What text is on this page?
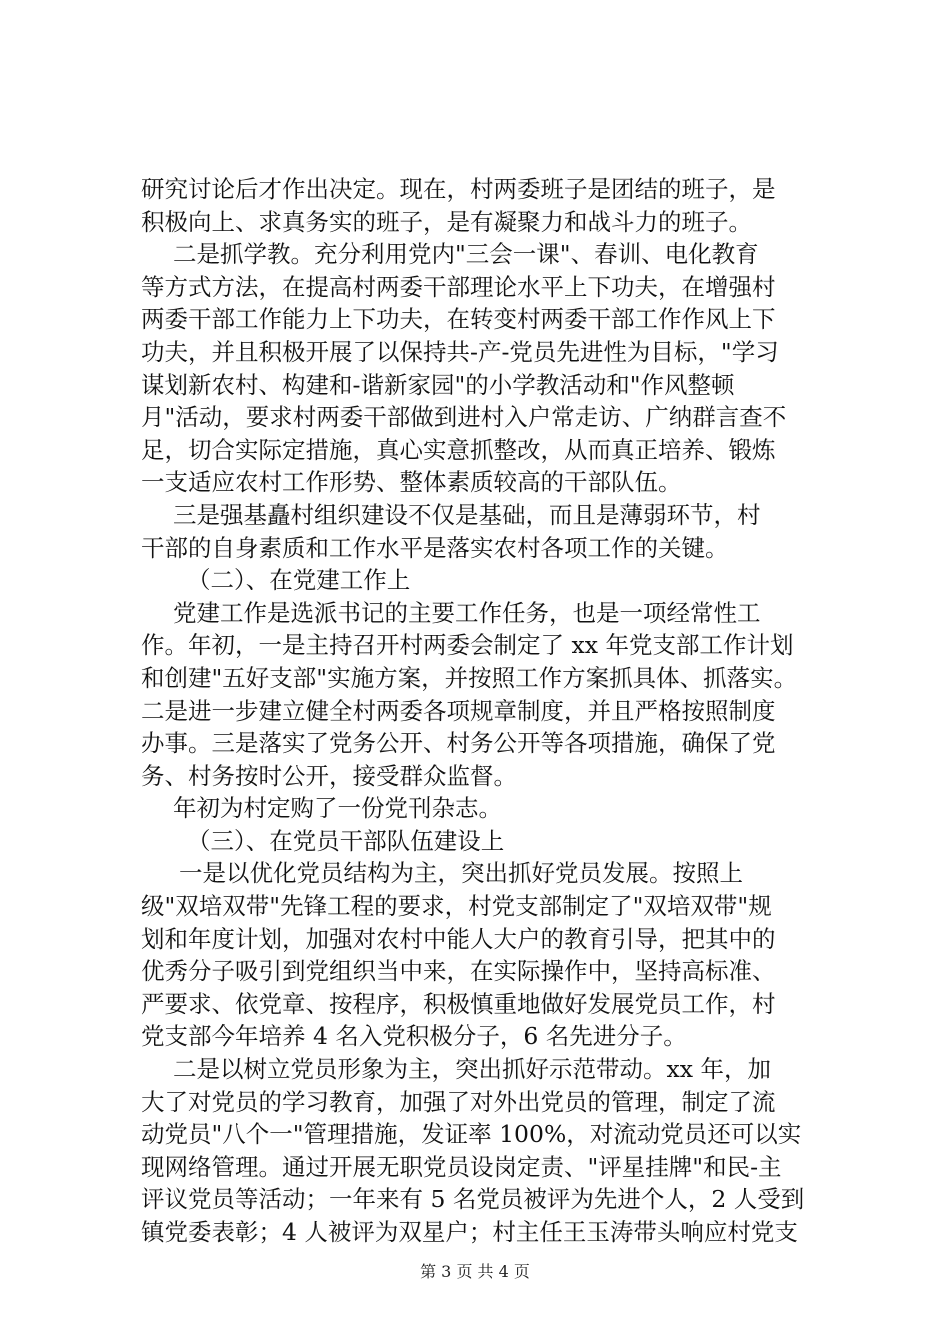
研究讨论后才作出决定。现在，村两委班子是团结的班子，是
积极向上、求真务实的班子，是有凝聚力和战斗力的班子。
二是抓学教。充分利用党内"三会一课"、春训、电化教育
等方式方法，在提高村两委干部理论水平上下功夫，在增强村
两委干部工作能力上下功夫，在转变村两委干部工作作风上下
功夫，并且积极开展了以保持共-产-党员先进性为目标，"学习
谋划新农村、构建和-谐新家园"的小学教活动和"作风整顿
月"活动，要求村两委干部做到进村入户常走访、广纳群言查不
足，切合实际定措施，真心实意抓整改，从而真正培养、锻炼
一支适应农村工作形势、整体素质较高的干部队伍。
三是强基矗村组织建设不仅是基础，而且是薄弱环节，村
干部的自身素质和工作水平是落实农村各项工作的关键。
（二）、在党建工作上
党建工作是选派书记的主要工作任务，也是一项经常性工
作。年初，一是主持召开村两委会制定了 xx 年党支部工作计划
和创建"五好支部"实施方案，并按照工作方案抓具体、抓落实。
二是进一步建立健全村两委各项规章制度，并且严格按照制度
办事。三是落实了党务公开、村务公开等各项措施，确保了党
务、村务按时公开，接受群众监督。
年初为村定购了一份党刊杂志。
（三）、在党员干部队伍建设上
一是以优化党员结构为主，突出抓好党员发展。按照上
级"双培双带"先锋工程的要求，村党支部制定了"双培双带"规
划和年度计划，加强对农村中能人大户的教育引导，把其中的
优秀分子吸引到党组织当中来，在实际操作中，坚持高标准、
严要求、依党章、按程序，积极慎重地做好发展党员工作，村
党支部今年培养 4 名入党积极分子，6 名先进分子。
二是以树立党员形象为主，突出抓好示范带动。xx 年，加
大了对党员的学习教育，加强了对外出党员的管理，制定了流
动党员"八个一"管理措施，发证率 100%，对流动党员还可以实
现网络管理。通过开展无职党员设岗定责、"评星挂牌"和民-主
评议党员等活动；一年来有 5 名党员被评为先进个人，2 人受到
镇党委表彰；4 人被评为双星户；村主任王玉涛带头响应村党支
第 3 页 共 4 页
